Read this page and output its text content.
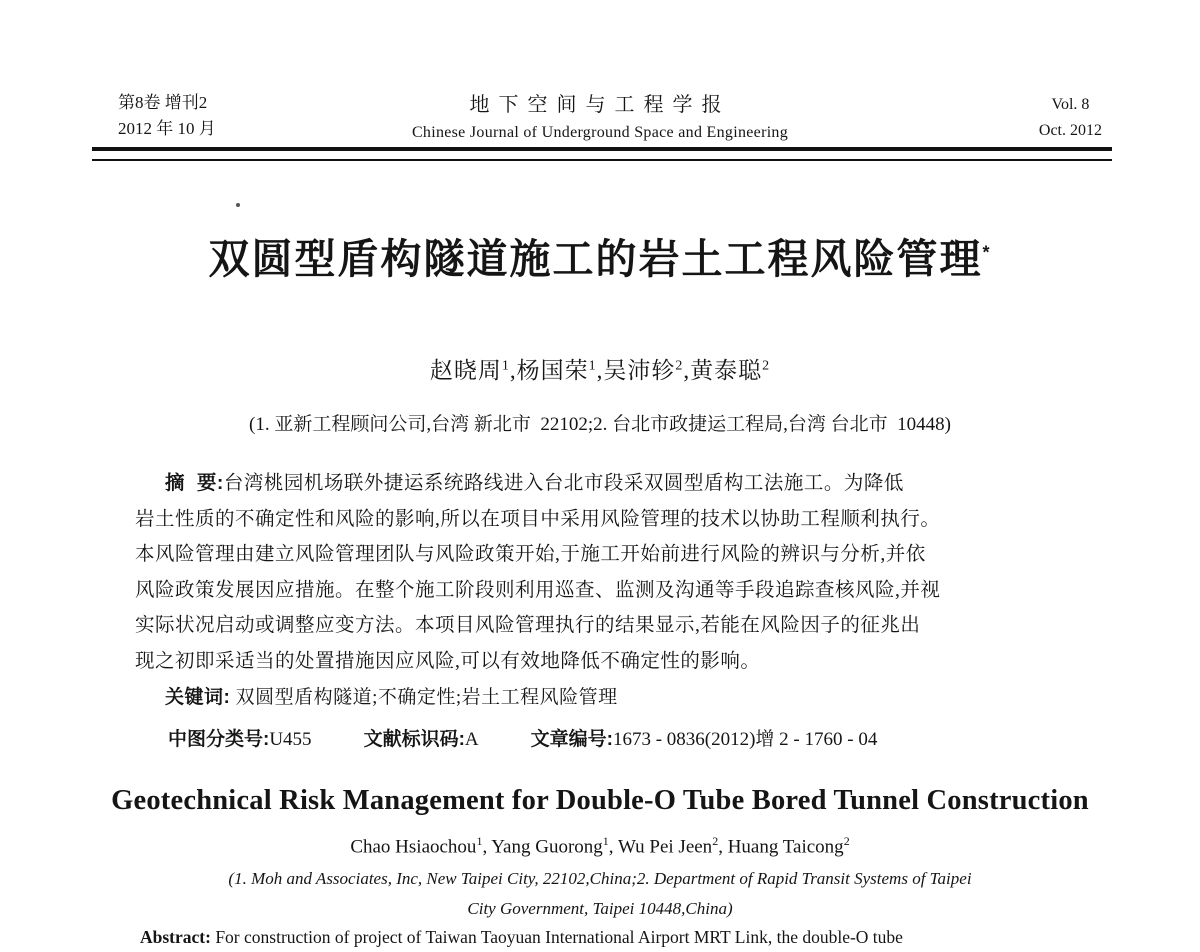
第8卷 增刊2
2012 年 10 月
地下空间与工程学报
Chinese Journal of Underground Space and Engineering
Vol. 8
Oct. 2012
双圆型盾构隧道施工的岩土工程风险管理*
赵晓周$^1$,杨国荣$^1$,吴沛轸$^2$,黄泰聪$^2$
(1. 亚新工程顾问公司,台湾 新北市  22102;2. 台北市政捷运工程局,台湾 台北市  10448)
摘  要:台湾桃园机场联外捷运系统路线进入台北市段采双圆型盾构工法施工。为降低
岩土性质的不确定性和风险的影响,所以在项目中采用风险管理的技术以协助工程顺利执行。
本风险管理由建立风险管理团队与风险政策开始,于施工开始前进行风险的辨识与分析,并依
风险政策发展因应措施。在整个施工阶段则利用巡查、监测及沟通等手段追踪查核风险,并视
实际状况启动或调整应变方法。本项目风险管理执行的结果显示,若能在风险因子的征兆出
现之初即采适当的处置措施因应风险,可以有效地降低不确定性的影响。
关键词: 双圆型盾构隧道;不确定性;岩土工程风险管理
中图分类号:U455	文献标识码:A	文章编号:1673 - 0836(2012)增 2 - 1760 - 04
Geotechnical Risk Management for Double-O Tube Bored Tunnel Construction
Chao Hsiaochou$^1$, Yang Guorong$^1$, Wu Pei Jeen$^2$, Huang Taicong$^2$
(1. Moh and Associates, Inc, New Taipei City, 22102,China;2. Department of Rapid Transit Systems of Taipei
City Government, Taipei 10448,China)
Abstract: For construction of project of Taiwan Taoyuan International Airport MRT Link, the double-O tube
